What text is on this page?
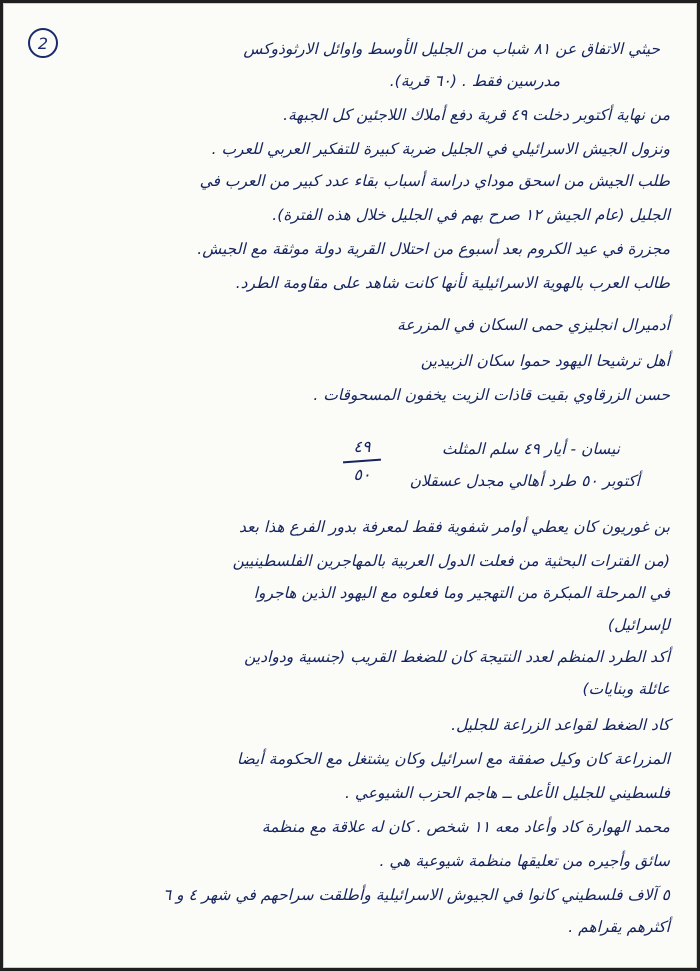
2	حيثي الاتفاق عن ٨١ شباب من الجليل الأوسط واوائل الارثوذوكس
مدرسين فقط . (٦٠ قرية).
من نهاية أكتوبر دخلت ٤٩ قرية دفع أملاك اللاجئين كل الجبهة.
ونزول الجيش الاسرائيلي في الجليل ضربة كبيرة للتفكير العربي للعرب .
طلب الجيش من اسحق موداي دراسة أسباب بقاء عدد كبير من العرب في
الجليل (عام الجيش ١٢ صرح بهم في الجليل خلال هذه الفترة).
مجزرة في عيد الكروم بعد أسبوع من احتلال القرية دولة موثقة مع الجيش.
طالب العرب بالهوية الاسرائيلية لأنها كانت شاهد على مقاومة الطرد.
أدميرال انجليزي حمى السكان في المزرعة
أهل ترشيحا اليهود حموا سكان الزبيدين
حسن الزرقاوي بقيت قاذات الزيت يخفون المسحوقات .
نيسان - أيار ٤٩ سلم المثلث
أكتوبر ٥٠ طرد أهالي مجدل عسقلان
بن غوريون كان يعطي أوامر شفوية فقط لمعرفة بدور الفرع هذا بعد
(من الفترات البحثية من فعلت الدول العربية بالمهاجرين الفلسطينيين
في المرحلة المبكرة من التهجير وما فعلوه مع اليهود الذين هاجروا
لإسرائيل)
أكد الطرد المنظم لعدد النتيجة كان للضغط القريب (جنسية ودوادين
عائلة وبنايات)
كاد الضغط لقواعد الزراعة للجليل.
المزراعة كان وكيل صفقة مع اسرائيل وكان يشتغل مع الحكومة أيضا
فلسطيني للجليل الأعلى ــ هاجم الحزب الشيوعي .
محمد الهوارة كاد وأعاد معه ١١ شخص . كان له علاقة مع منظمة
سائق وأجيره من تعليقها منظمة شيوعية هي .
٥ آلاف فلسطيني كانوا في الجيوش الاسرائيلية وأطلقت سراحهم في شهر ٤ و ٦
أكثرهم يقراهم .
٤٩
٥٠
